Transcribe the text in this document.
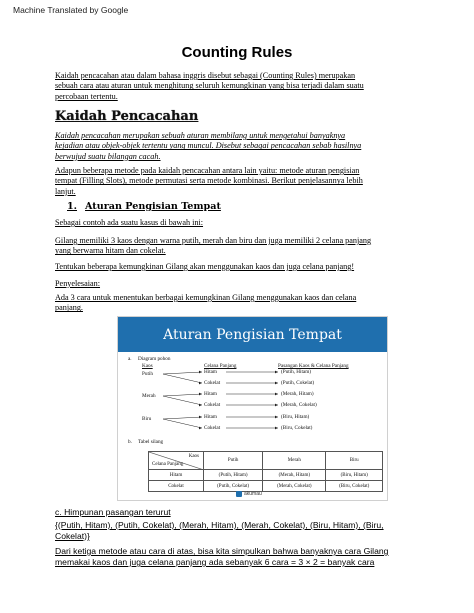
Machine Translated by Google
Counting Rules
Kaidah pencacahan atau dalam bahasa inggris disebut sebagai (Counting Rules) merupakan
sebuah cara atau aturan untuk menghitung seluruh kemungkinan yang bisa terjadi dalam suatu
percobaan tertentu.
Kaidah Pencacahan
Kaidah pencacahan merupakan sebuah aturan membilang untuk mengetahui banyaknya
kejadian atau objek-objek tertentu yang muncul. Disebut sebagai pencacahan sebab hasilnya
berwujud suatu bilangan cacah.
Adapun beberapa metode pada kaidah pencacahan antara lain yaitu: metode aturan pengisian
tempat (Filling Slots), metode permutasi serta metode kombinasi. Berikut penjelasannya lebih
lanjut.
1. Aturan Pengisian Tempat
Sebagai contoh ada suatu kasus di bawah ini:
Gilang memiliki 3 kaos dengan warna putih, merah dan biru dan juga memiliki 2 celana panjang
yang berwarna hitam dan cokelat.
Tentukan beberapa kemungkinan Gilang akan menggunakan kaos dan juga celana panjang!
Penyelesaian:
Ada 3 cara untuk menentukan berbagai kemungkinan Gilang menggunakan kaos dan celana
panjang.
Aturan Pengisian Tempat
a. Diagram pohon
Kaos	Celana Panjang	Pasangan Kaos & Celana Panjang
Putih
Merah
Biru
Hitam
Cokelat
Hitam
Cokelat
Hitam
Cokelat
(Putih, Hitam)
(Putih, Cokelat)
(Merah, Hitam)
(Merah, Cokelat)
(Biru, Hitam)
(Biru, Cokelat)
b. Tabel silang
Kaos
Celana Panjang	Putih	Merah	Biru
Hitam	(Putih, Hitam)	(Merah, Hitam)	(Biru, Hitam)
Cokelat	(Putih, Cokelat)	(Merah, Cokelat)	(Biru, Cokelat)
akumau
c. Himpunan pasangan terurut
{(Putih, Hitam), (Putih, Cokelat), (Merah, Hitam), (Merah, Cokelat), (Biru, Hitam), (Biru,
Cokelat)}
Dari ketiga metode atau cara di atas, bisa kita simpulkan bahwa banyaknya cara Gilang
memakai kaos dan juga celana panjang ada sebanyak 6 cara = 3 × 2 = banyak cara
